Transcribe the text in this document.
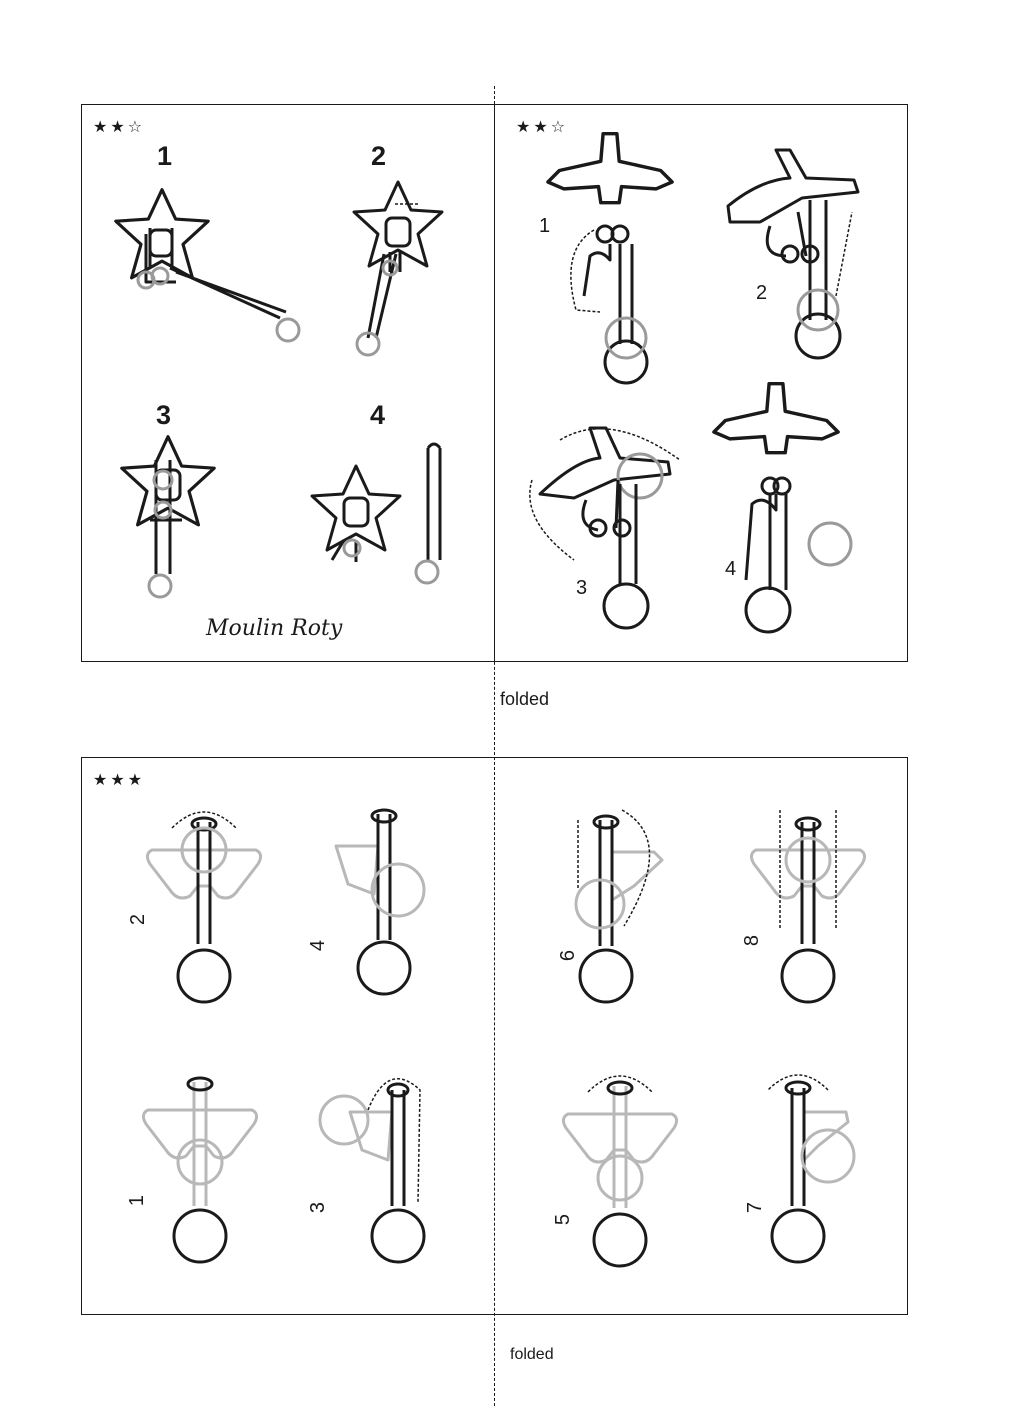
★★☆	★★☆
★★★
1	2
3	4
1
2
3
4
1
2
3
4
5
6
7
8
folded
folded
Moulin Roty
